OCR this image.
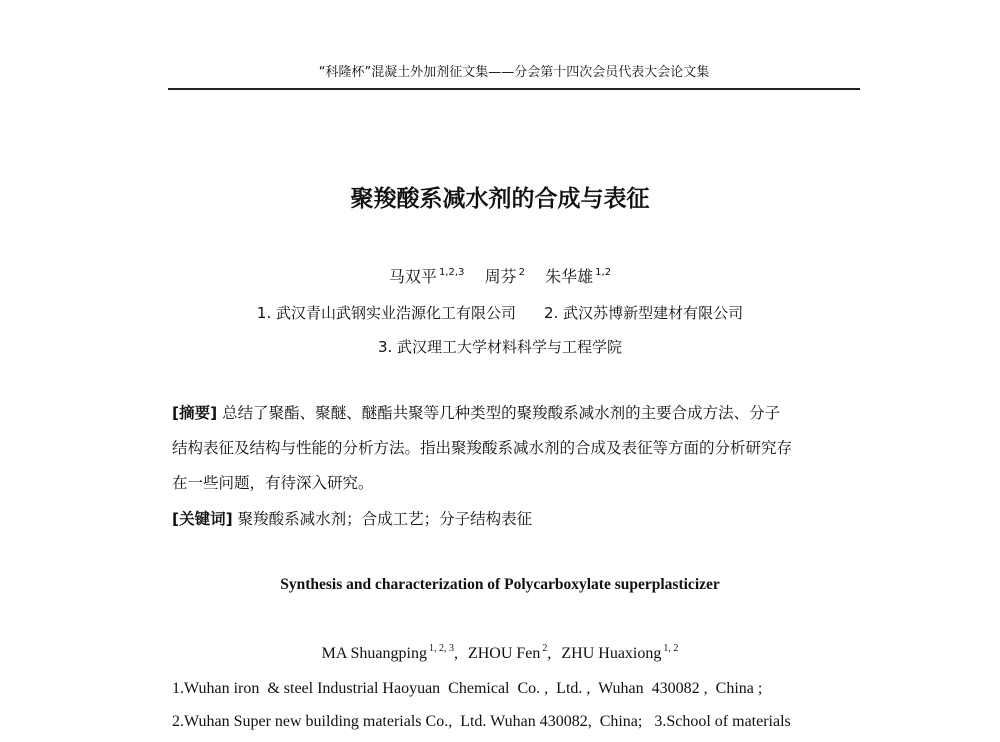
“科隆杯”混凝土外加剂征文集——分会第十四次会员代表大会论文集
聚羧酸系减水剂的合成与表征
马双平 $^{1,2,3}$ 周芬 $^2$ 朱华雄 $^{1,2}$
1. 武汉青山武钢实业浩源化工有限公司 2. 武汉苏博新型建材有限公司
3. 武汉理工大学材料科学与工程学院
[摘要] 总结了聚酯、聚醚、醚酯共聚等几种类型的聚羧酸系减水剂的主要合成方法、分子
结构表征及结构与性能的分析方法。指出聚羧酸系减水剂的合成及表征等方面的分析研究存
在一些问题，有待深入研究。
[关键词] 聚羧酸系减水剂；合成工艺；分子结构表征
Synthesis and characterization of Polycarboxylate superplasticizer
MA Shuangping $^{1, 2, 3}$, ZHOU Fen $^2$, ZHU Huaxiong $^{1, 2}$
1.Wuhan iron  & steel Industrial Haoyuan  Chemical  Co. ,  Ltd. ,  Wuhan  430082 ,  China ;
2.Wuhan Super new building materials Co.,  Ltd. Wuhan 430082,  China;   3.School of materials
